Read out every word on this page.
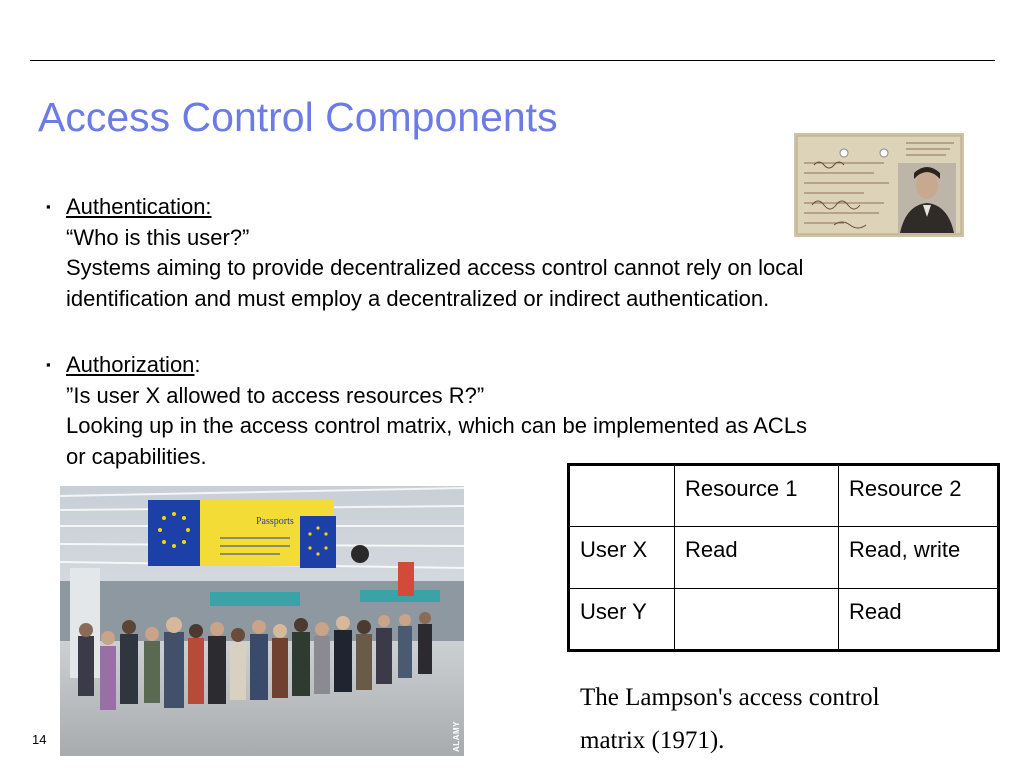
Access Control Components
▪ Authentication:
“Who is this user?”
Systems aiming to provide decentralized access control cannot rely on local
identification and must employ a decentralized or indirect authentication.
▪ Authorization:
”Is user X allowed to access resources R?”
Looking up in the access control matrix, which can be implemented as ACLs
or capabilities.
Passports
ALAMY
	Resource 1	Resource 2
User X	Read	Read, write
User Y		Read
The Lampson's access control
matrix (1971).
14
